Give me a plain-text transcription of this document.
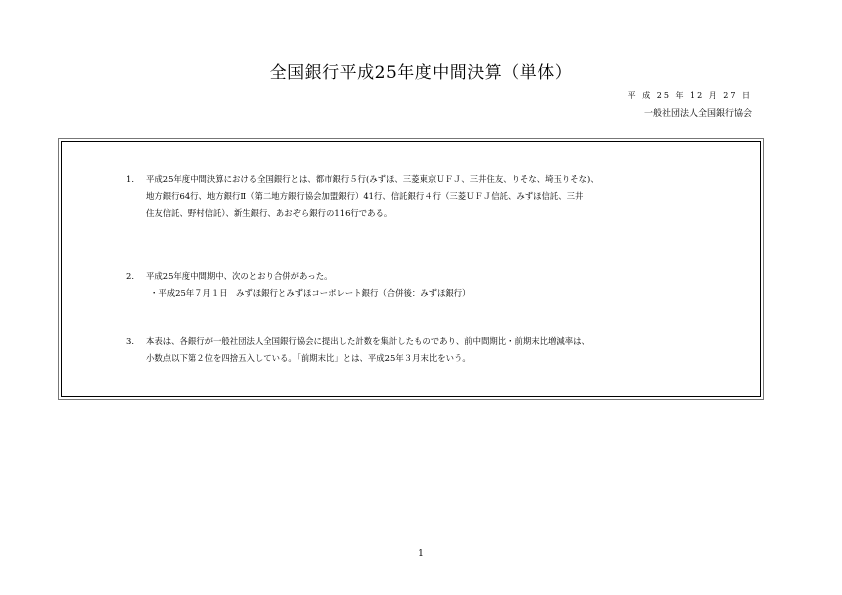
全国銀行平成25年度中間決算（単体）
平 成 25 年 12 月 27 日
一般社団法人全国銀行協会
1.	平成25年度中間決算における全国銀行とは、都市銀行５行(みずほ、三菱東京ＵＦＪ、三井住友、りそな、埼玉りそな)、
地方銀行64行、地方銀行Ⅱ（第二地方銀行協会加盟銀行）41行、信託銀行４行（三菱ＵＦＪ信託、みずほ信託、三井
住友信託、野村信託）、新生銀行、あおぞら銀行の116行である。
2.	平成25年度中間期中、次のとおり合併があった。
・平成25年７月１日　みずほ銀行とみずほコーポレート銀行（合併後：みずほ銀行）
3.	本表は、各銀行が一般社団法人全国銀行協会に提出した計数を集計したものであり、前中間期比・前期末比増減率は、
小数点以下第２位を四捨五入している。「前期末比」とは、平成25年３月末比をいう。
1
